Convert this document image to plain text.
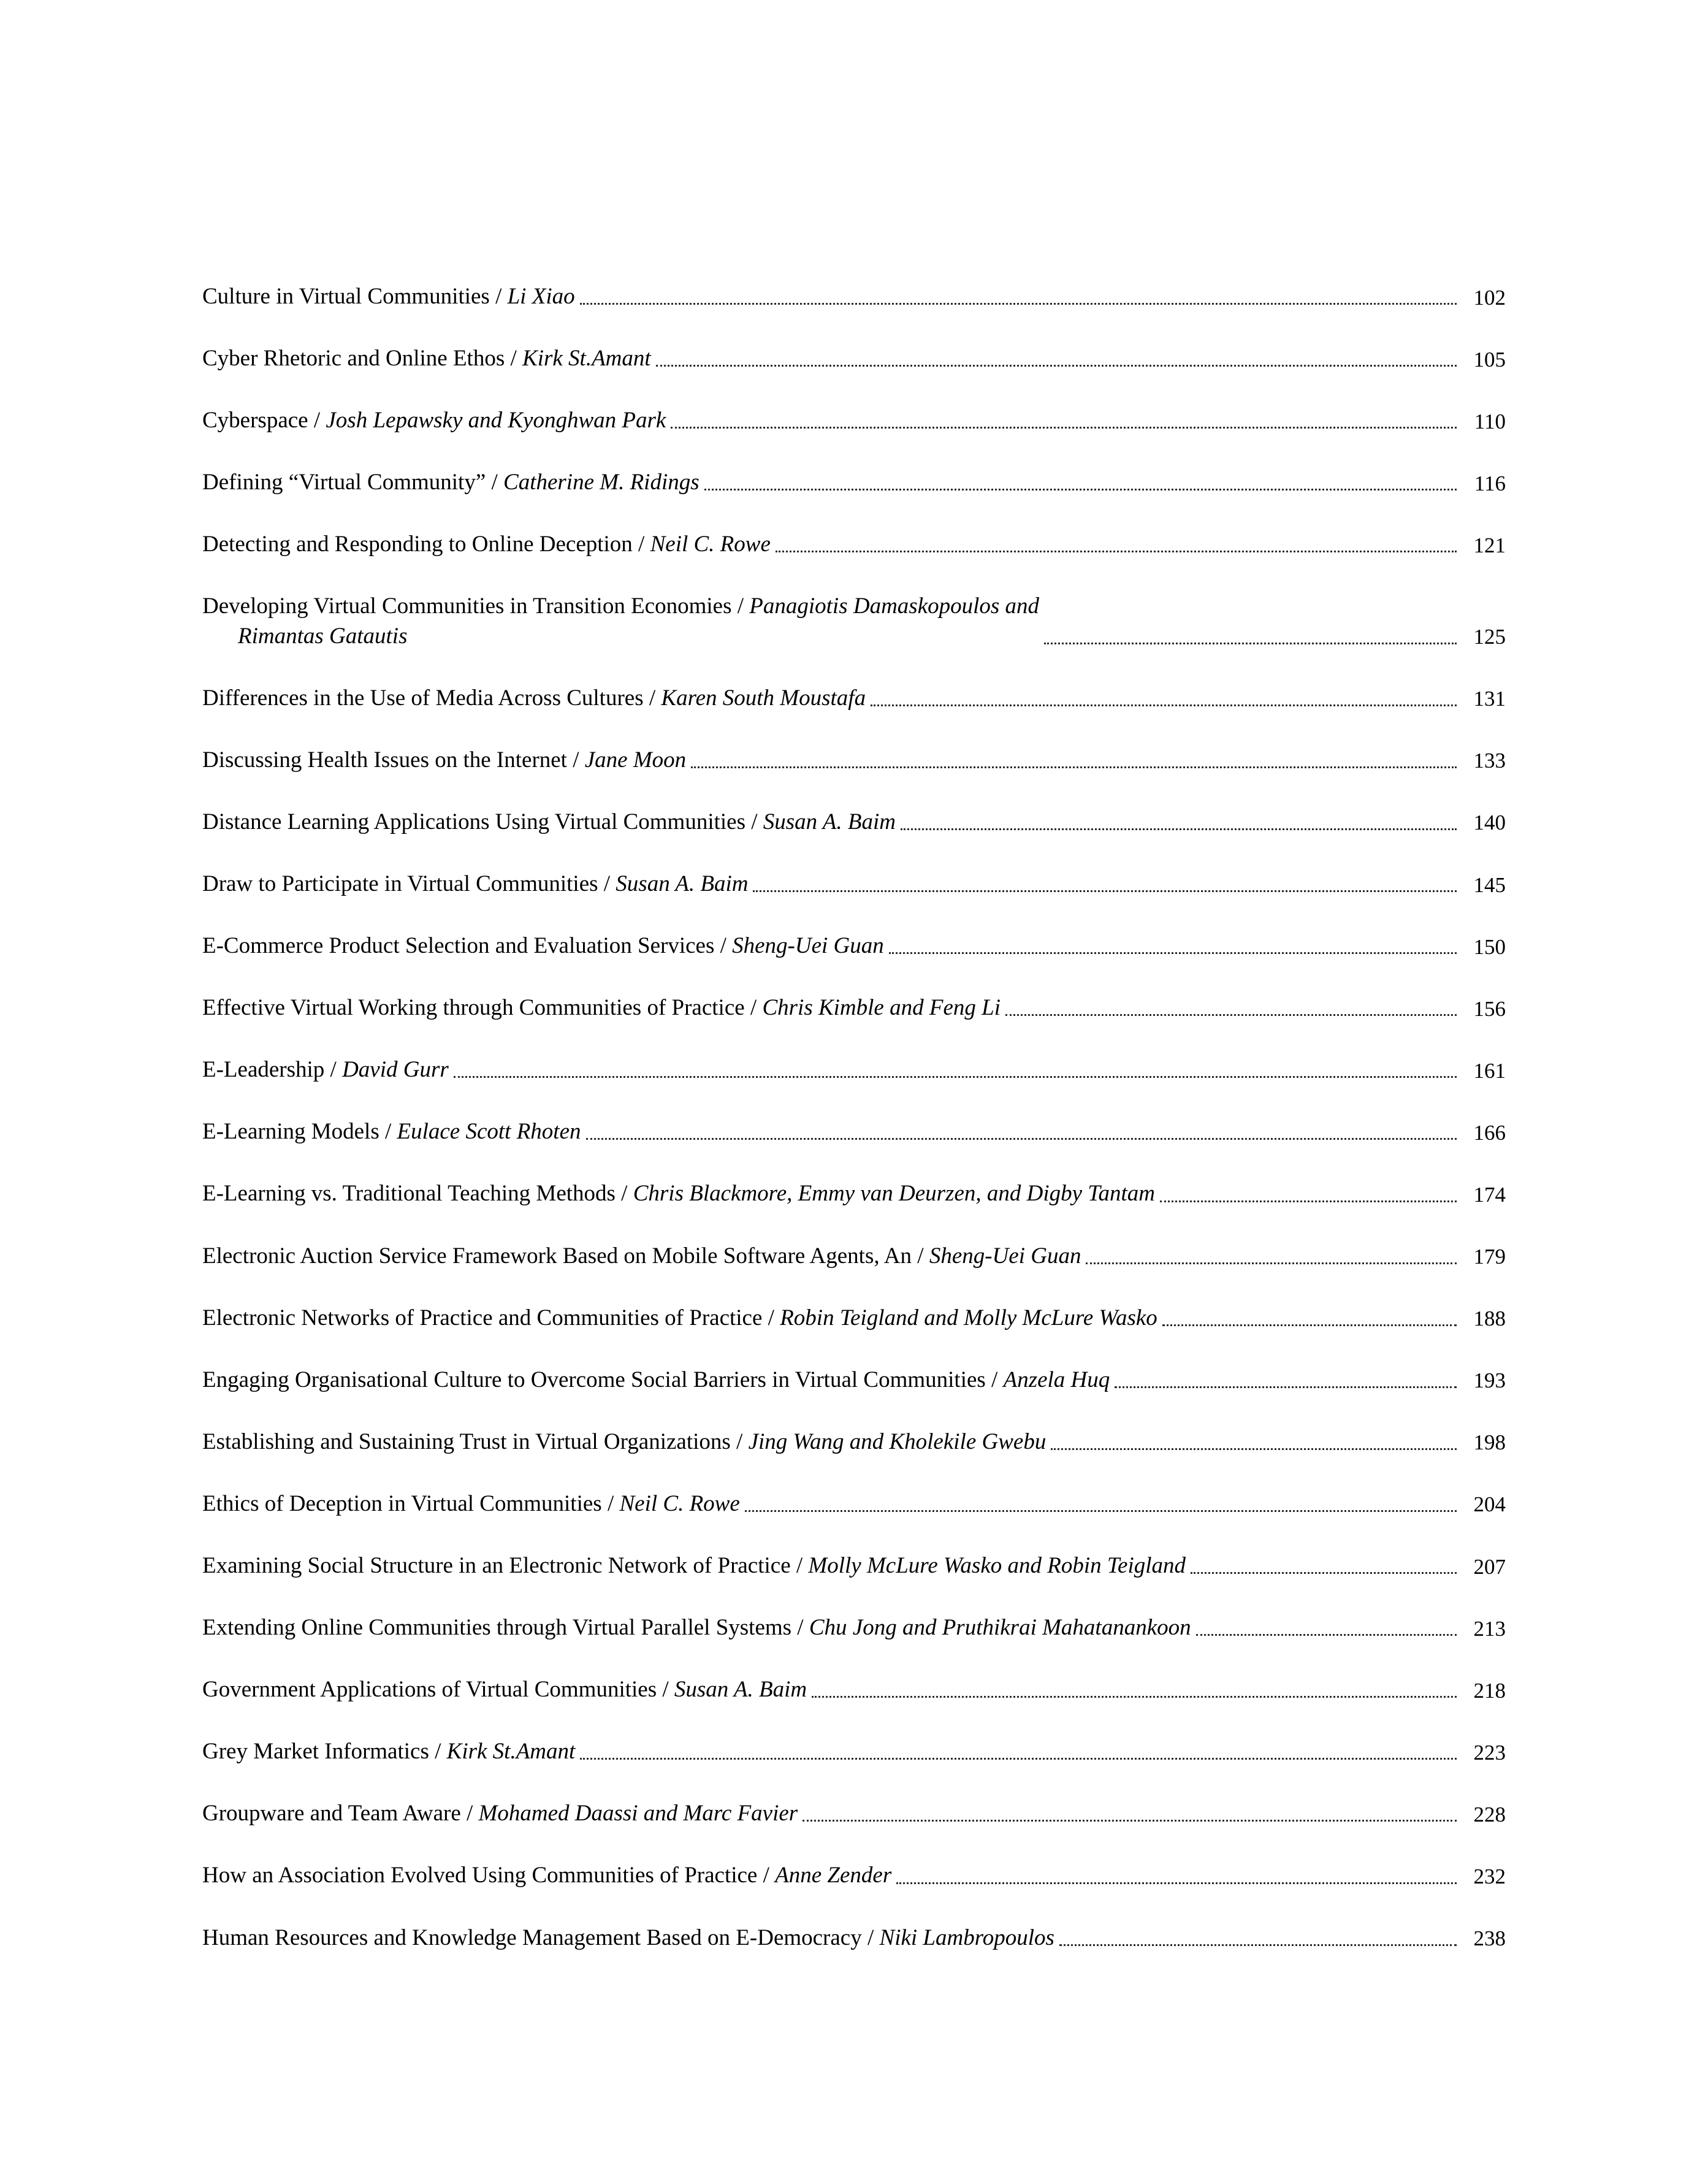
Culture in Virtual Communities / Li Xiao	102
Cyber Rhetoric and Online Ethos / Kirk St.Amant	105
Cyberspace / Josh Lepawsky and Kyonghwan Park	110
Defining “Virtual Community” / Catherine M. Ridings	116
Detecting and Responding to Online Deception / Neil C. Rowe	121
Developing Virtual Communities in Transition Economies / Panagiotis Damaskopoulos and
Rimantas Gatautis	125
Differences in the Use of Media Across Cultures / Karen South Moustafa	131
Discussing Health Issues on the Internet / Jane Moon	133
Distance Learning Applications Using Virtual Communities / Susan A. Baim	140
Draw to Participate in Virtual Communities / Susan A. Baim	145
E-Commerce Product Selection and Evaluation Services / Sheng-Uei Guan	150
Effective Virtual Working through Communities of Practice / Chris Kimble and Feng Li	156
E-Leadership / David Gurr	161
E-Learning Models / Eulace Scott Rhoten	166
E-Learning vs. Traditional Teaching Methods / Chris Blackmore, Emmy van Deurzen, and Digby Tantam	174
Electronic Auction Service Framework Based on Mobile Software Agents, An / Sheng-Uei Guan	179
Electronic Networks of Practice and Communities of Practice / Robin Teigland and Molly McLure Wasko	188
Engaging Organisational Culture to Overcome Social Barriers in Virtual Communities / Anzela Huq	193
Establishing and Sustaining Trust in Virtual Organizations / Jing Wang and Kholekile Gwebu	198
Ethics of Deception in Virtual Communities / Neil C. Rowe	204
Examining Social Structure in an Electronic Network of Practice / Molly McLure Wasko and Robin Teigland	207
Extending Online Communities through Virtual Parallel Systems / Chu Jong and Pruthikrai Mahatanankoon	213
Government Applications of Virtual Communities / Susan A. Baim	218
Grey Market Informatics / Kirk St.Amant	223
Groupware and Team Aware / Mohamed Daassi and Marc Favier	228
How an Association Evolved Using Communities of Practice / Anne Zender	232
Human Resources and Knowledge Management Based on E-Democracy / Niki Lambropoulos	238
